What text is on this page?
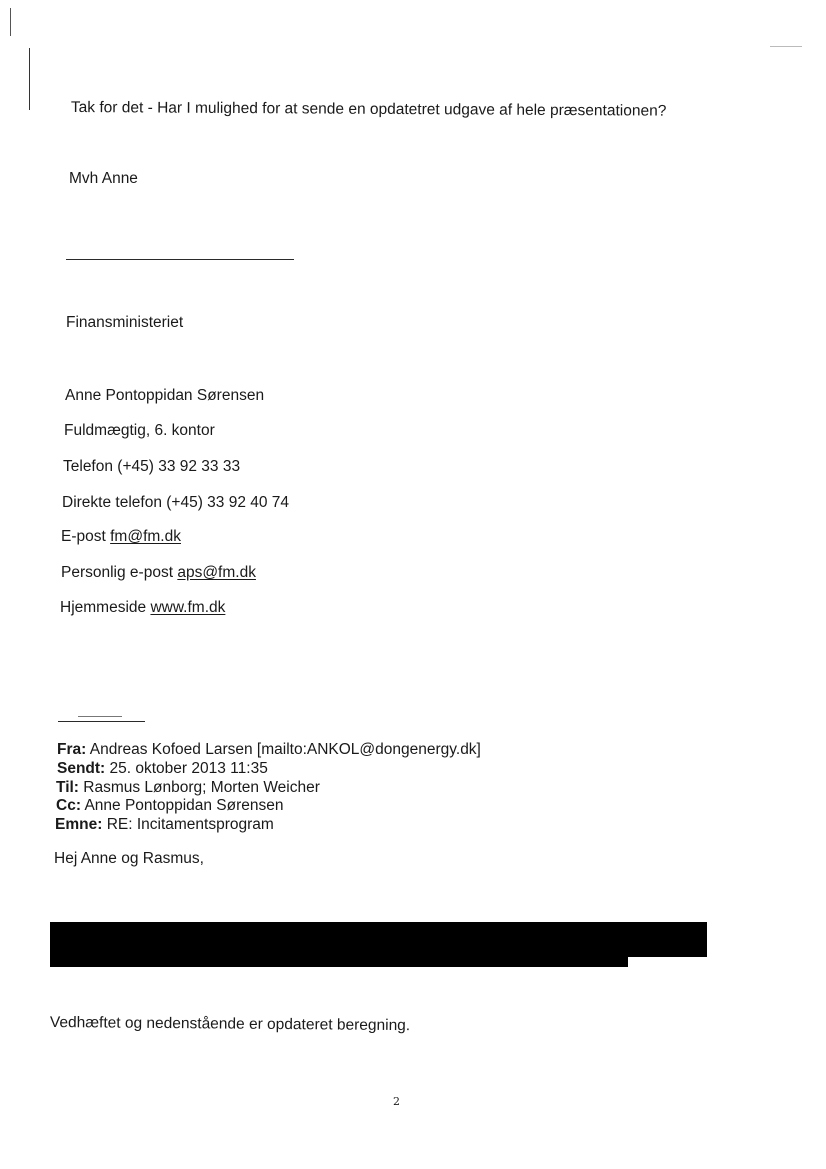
Tak for det - Har I mulighed for at sende en opdatetret udgave af hele præsentationen?
Mvh Anne
Finansministeriet
Anne Pontoppidan Sørensen
Fuldmægtig, 6. kontor
Telefon (+45) 33 92 33 33
Direkte telefon (+45) 33 92 40 74
E-post fm@fm.dk
Personlig e-post aps@fm.dk
Hjemmeside www.fm.dk
Fra: Andreas Kofoed Larsen [mailto:ANKOL@dongenergy.dk]
Sendt: 25. oktober 2013 11:35
Til: Rasmus Lønborg; Morten Weicher
Cc: Anne Pontoppidan Sørensen
Emne: RE: Incitamentsprogram
Hej Anne og Rasmus,
Vedhæftet og nedenstående er opdateret beregning.
2
